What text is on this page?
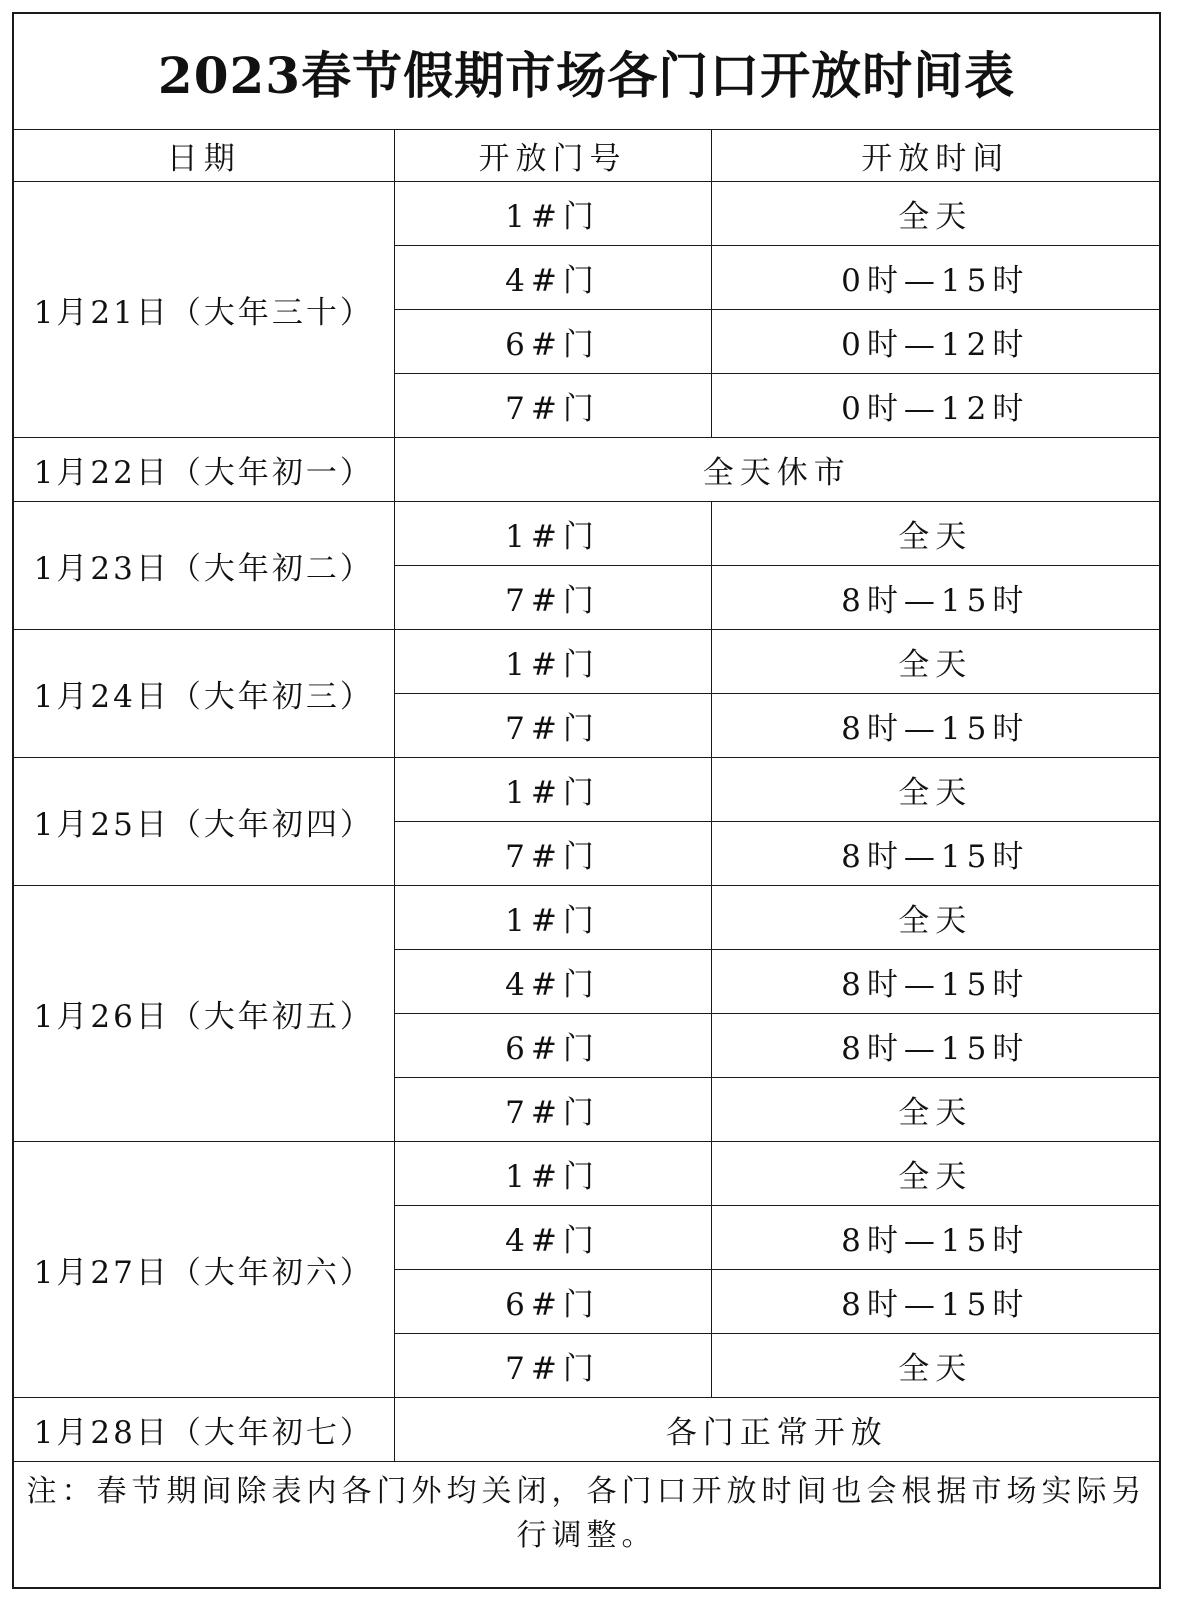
2023春节假期市场各门口开放时间表		
日期	开放门号	开放时间
1月21日（大年三十）	1#门	全天
	4#门	0时—15时
	6#门	0时—12时
	7#门	0时—12时
1月22日（大年初一）	全天休市	
1月23日（大年初二）	1#门	全天
	7#门	8时—15时
1月24日（大年初三）	1#门	全天
	7#门	8时—15时
1月25日（大年初四）	1#门	全天
	7#门	8时—15时
1月26日（大年初五）	1#门	全天
	4#门	8时—15时
	6#门	8时—15时
	7#门	全天
1月27日（大年初六）	1#门	全天
	4#门	8时—15时
	6#门	8时—15时
	7#门	全天
1月28日（大年初七）	各门正常开放	
注：春节期间除表内各门外均关闭，各门口开放时间也会根据市场实际另行调整。		
